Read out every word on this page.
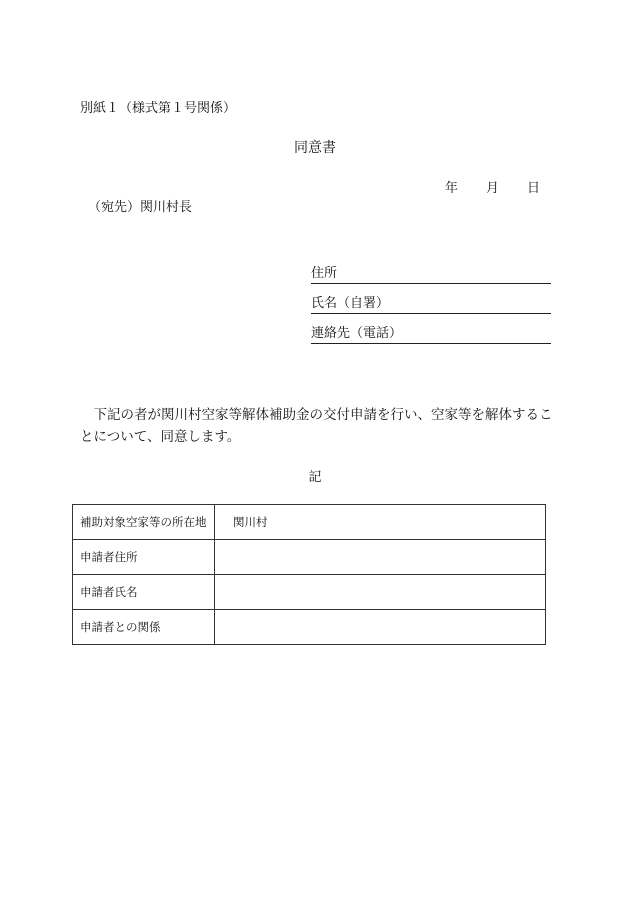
別紙１（様式第１号関係）
同意書
年 月 日
（宛先）関川村長
住所
氏名（自署）
連絡先（電話）
下記の者が関川村空家等解体補助金の交付申請を行い、空家等を解体することについて、同意します。
記
補助対象空家等の所在地	関川村
申請者住所	
申請者氏名	
申請者との関係	
